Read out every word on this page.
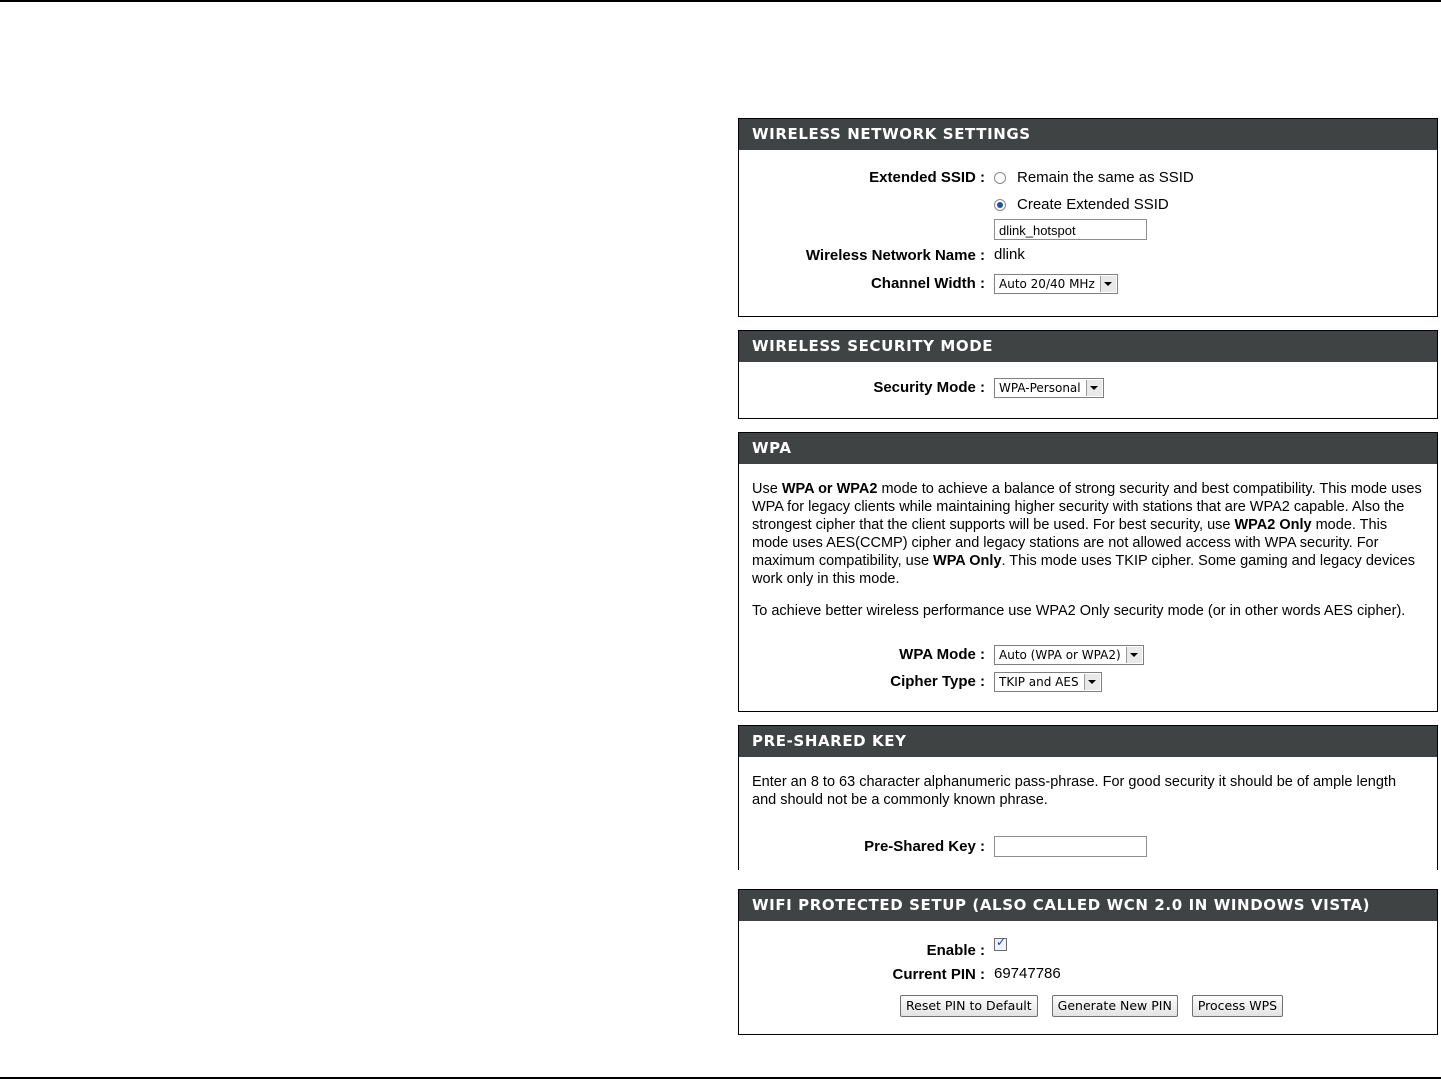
WIRELESS NETWORK SETTINGS
Extended SSID : Remain the same as SSID
Create Extended SSID
dlink_hotspot
Wireless Network Name : dlink
Channel Width :	Auto 20/40 MHz
WIRELESS SECURITY MODE
Security Mode :	WPA-Personal
WPA
Use WPA or WPA2 mode to achieve a balance of strong security and best compatibility. This mode uses WPA for legacy clients while maintaining higher security with stations that are WPA2 capable. Also the strongest cipher that the client supports will be used. For best security, use WPA2 Only mode. This mode uses AES(CCMP) cipher and legacy stations are not allowed access with WPA security. For maximum compatibility, use WPA Only. This mode uses TKIP cipher. Some gaming and legacy devices work only in this mode.
To achieve better wireless performance use WPA2 Only security mode (or in other words AES cipher).
WPA Mode :	Auto (WPA or WPA2)
Cipher Type :	TKIP and AES
PRE-SHARED KEY
Enter an 8 to 63 character alphanumeric pass-phrase. For good security it should be of ample length and should not be a commonly known phrase.
Pre-Shared Key :
WIFI PROTECTED SETUP (ALSO CALLED WCN 2.0 IN WINDOWS VISTA)
Enable : ✓
Current PIN : 69747786
Reset PIN to Default Generate New PIN Process WPS
